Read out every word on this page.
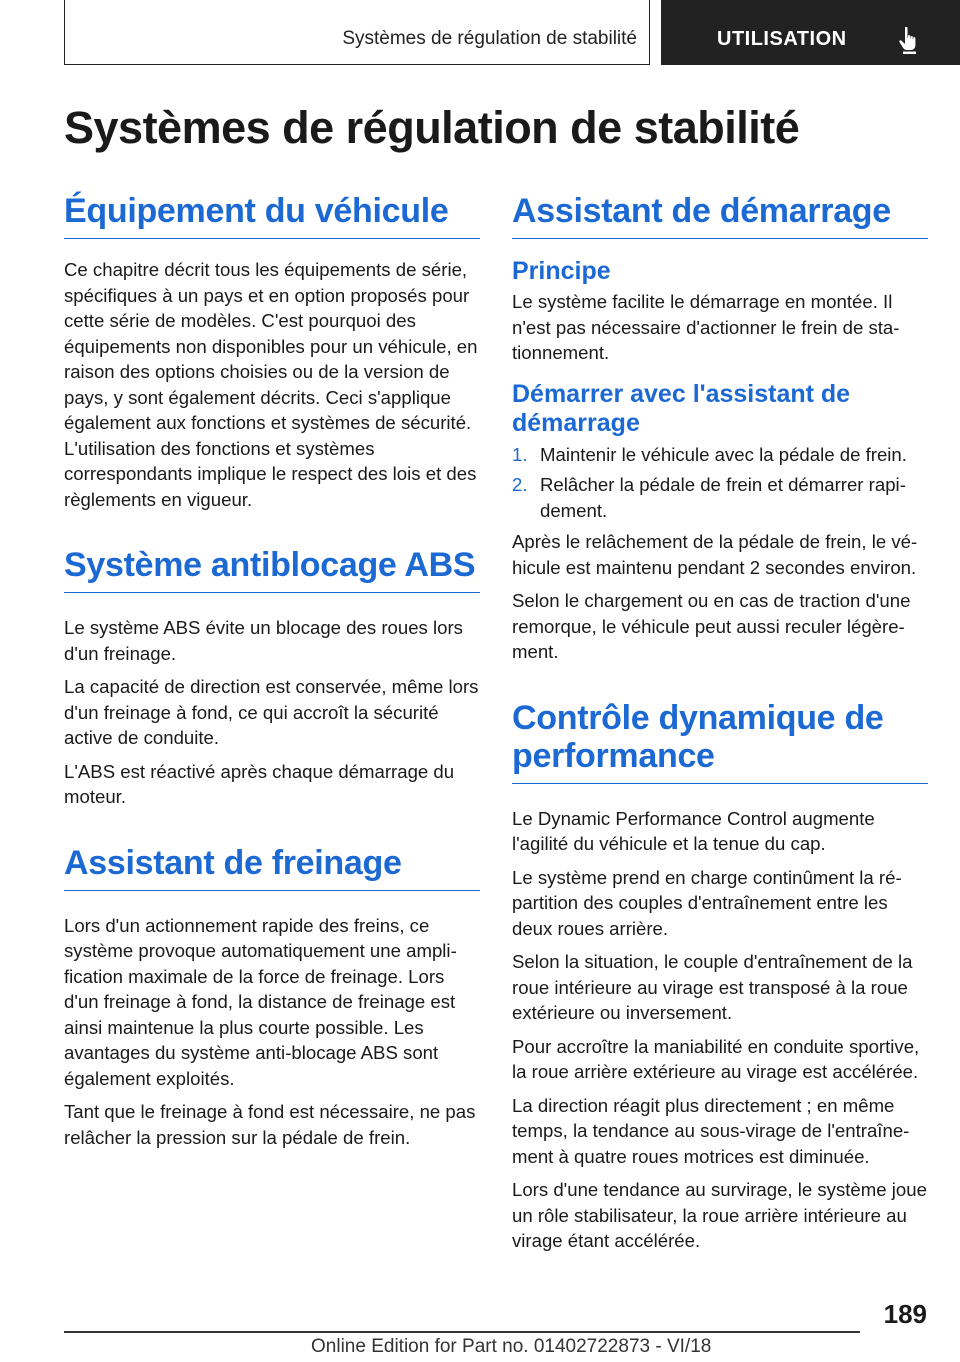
Systèmes de régulation de stabilité	UTILISATION
Systèmes de régulation de stabilité
Équipement du véhicule

Ce chapitre décrit tous les équipements de série, spécifiques à un pays et en option proposés pour cette série de modèles. C'est pourquoi des équipements non disponibles pour un véhicule, en raison des options choisies ou de la version de pays, y sont également décrits. Ceci s'applique également aux fonctions et systèmes de sécurité. L'utilisation des fonctions et systèmes correspondants implique le respect des lois et des règlements en vigueur.

Système antiblocage ABS

Le système ABS évite un blocage des roues lors d'un freinage.

La capacité de direction est conservée, même lors d'un freinage à fond, ce qui accroît la sécurité active de conduite.

L'ABS est réactivé après chaque démarrage du moteur.

Assistant de freinage

Lors d'un actionnement rapide des freins, ce système provoque automatiquement une amplification maximale de la force de freinage. Lors d'un freinage à fond, la distance de freinage est ainsi maintenue la plus courte possible. Les avantages du système anti-blocage ABS sont également exploités.

Tant que le freinage à fond est nécessaire, ne pas relâcher la pression sur la pédale de frein.

Assistant de démarrage
Principe

Le système facilite le démarrage en montée. Il n'est pas nécessaire d'actionner le frein de stationnement.

Démarrer avec l'assistant de démarrage
1. Maintenir le véhicule avec la pédale de frein.
2. Relâcher la pédale de frein et démarrer rapidement.

Après le relâchement de la pédale de frein, le véhicule est maintenu pendant 2 secondes environ.

Selon le chargement ou en cas de traction d'une remorque, le véhicule peut aussi reculer légèrement.

Contrôle dynamique de performance

Le Dynamic Performance Control augmente l'agilité du véhicule et la tenue du cap.

Le système prend en charge continûment la répartition des couples d'entraînement entre les deux roues arrière.

Selon la situation, le couple d'entraînement de la roue intérieure au virage est transposé à la roue extérieure ou inversement.

Pour accroître la maniabilité en conduite sportive, la roue arrière extérieure au virage est accélérée.

La direction réagit plus directement ; en même temps, la tendance au sous-virage de l'entraînement à quatre roues motrices est diminuée.

Lors d'une tendance au survirage, le système joue un rôle stabilisateur, la roue arrière intérieure au virage étant accélérée.

189
Online Edition for Part no. 01402722873 - VI/18
